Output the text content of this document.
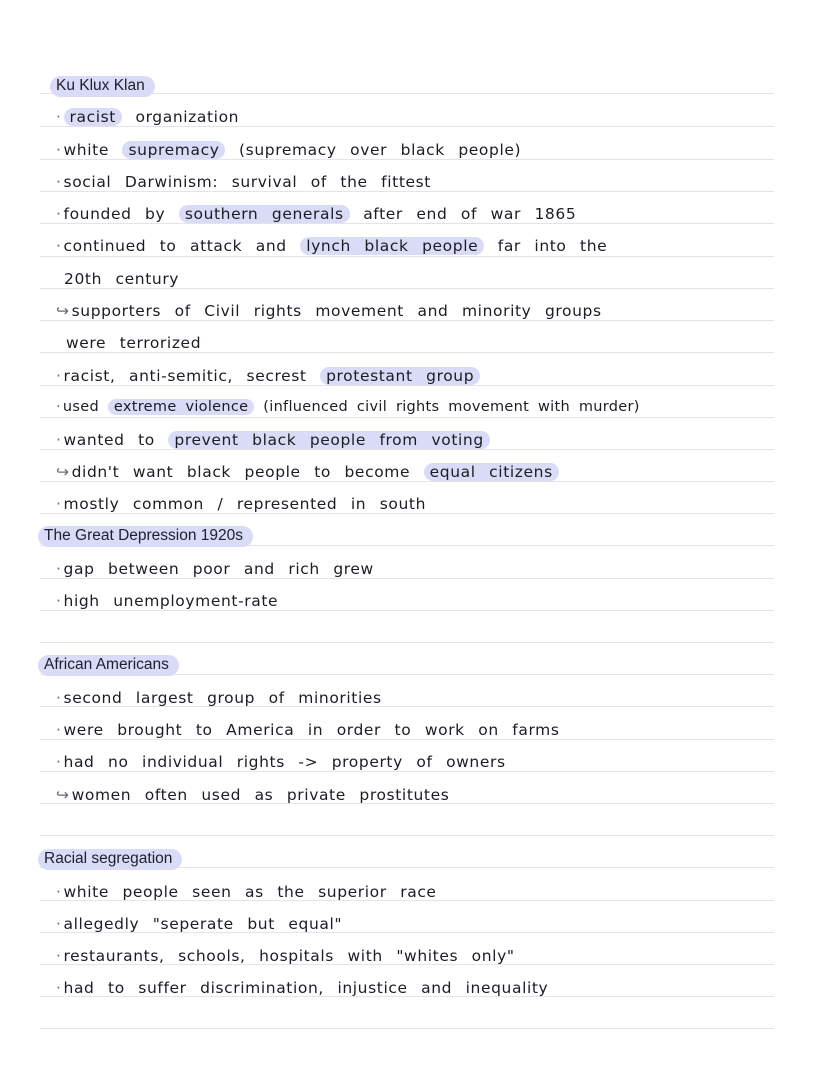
Ku Klux Klan
· racist organization
· white supremacy (supremacy over black people)
· social Darwinism: survival of the fittest
· founded by southern generals after end of war 1865
· continued to attack and lynch black people far into the
20th century
↪ supporters of Civil rights movement and minority groups
were terrorized
· racist, anti-semitic, secrest protestant group
· used extreme violence (influenced civil rights movement with murder)
· wanted to prevent black people from voting
↪ didn't want black people to become equal citizens
· mostly common / represented in south
The Great Depression 1920s
· gap between poor and rich grew
· high unemployment-rate
African Americans
· second largest group of minorities
· were brought to America in order to work on farms
· had no individual rights -> property of owners
↪ women often used as private prostitutes
Racial segregation
· white people seen as the superior race
· allegedly "seperate but equal"
· restaurants, schools, hospitals with "whites only"
· had to suffer discrimination, injustice and inequality
